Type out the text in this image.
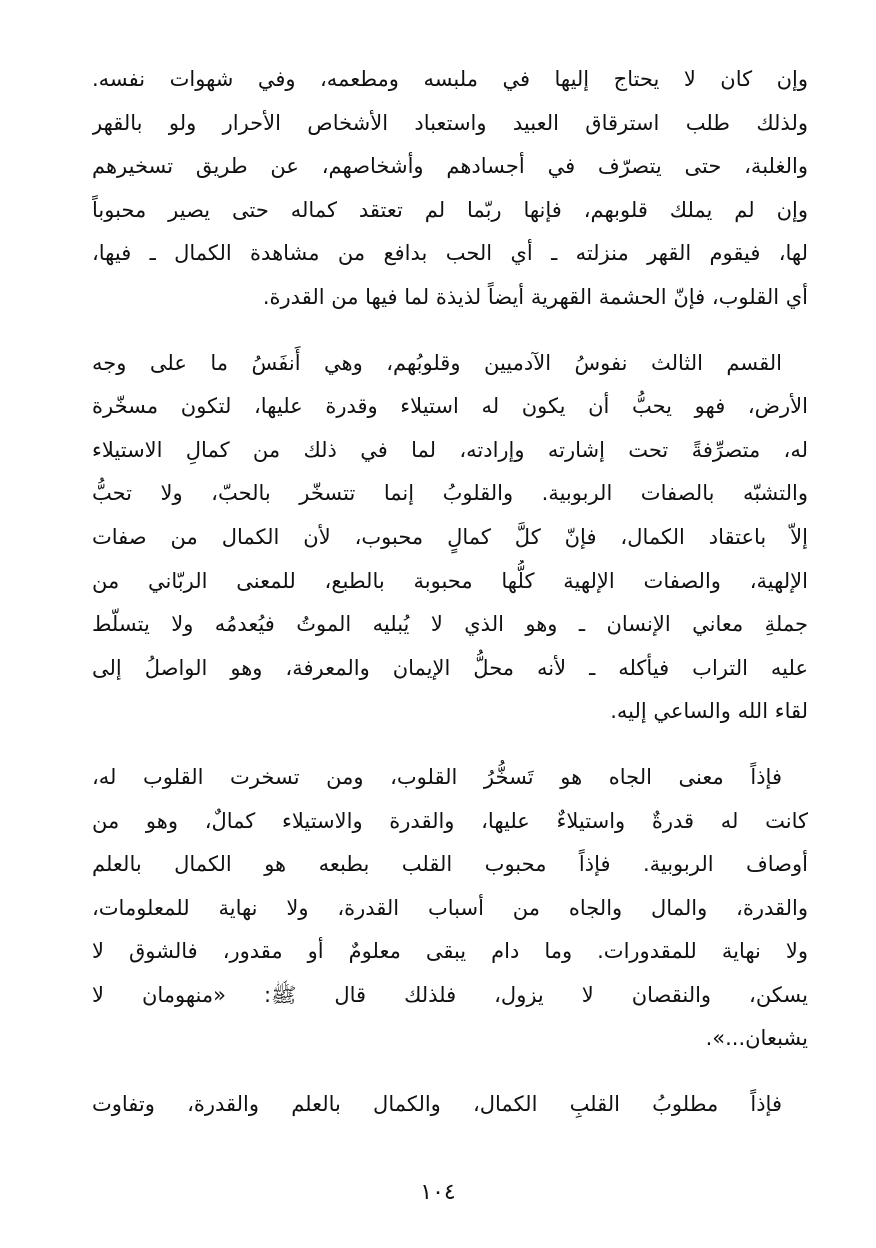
وإن كان لا يحتاج إليها في ملبسه ومطعمه، وفي شهوات نفسه.
ولذلك طلب استرقاق العبيد واستعباد الأشخاص الأحرار ولو بالقهر
والغلبة، حتى يتصرّف في أجسادهم وأشخاصهم، عن طريق تسخيرهم
وإن لم يملك قلوبهم، فإنها ربّما لم تعتقد كماله حتى يصير محبوباً
لها، فيقوم القهر منزلته ـ أي الحب بدافع من مشاهدة الكمال ـ فيها،
أي القلوب، فإنّ الحشمة القهرية أيضاً لذيذة لما فيها من القدرة.
القسم الثالث نفوسُ الآدميين وقلوبُهم، وهي أَنفَسُ ما على وجه
الأرض، فهو يحبُّ أن يكون له استيلاء وقدرة عليها، لتكون مسخّرة
له، متصرِّفةً تحت إشارته وإرادته، لما في ذلك من كمالِ الاستيلاء
والتشبّه بالصفات الربوبية. والقلوبُ إنما تتسخّر بالحبّ، ولا تحبُّ
إلاّ باعتقاد الكمال، فإنّ كلَّ كمالٍ محبوب، لأن الكمال من صفات
الإلهية، والصفات الإلهية كلُّها محبوبة بالطبع، للمعنى الربّاني من
جملةِ معاني الإنسان ـ وهو الذي لا يُبليه الموتُ فيُعدمُه ولا يتسلّط
عليه التراب فيأكله ـ لأنه محلُّ الإيمان والمعرفة، وهو الواصلُ إلى
لقاء الله والساعي إليه.
فإذاً معنى الجاه هو تَسخُّرُ القلوب، ومن تسخرت القلوب له،
كانت له قدرةٌ واستيلاءٌ عليها، والقدرة والاستيلاء كمالٌ، وهو من
أوصاف الربوبية. فإذاً محبوب القلب بطبعه هو الكمال بالعلم
والقدرة، والمال والجاه من أسباب القدرة، ولا نهاية للمعلومات،
ولا نهاية للمقدورات. وما دام يبقى معلومٌ أو مقدور، فالشوق لا
يسكن، والنقصان لا يزول، فلذلك قال ﷺ: «منهومان لا
يشبعان...».
فإذاً مطلوبُ القلبِ الكمال، والكمال بالعلم والقدرة، وتفاوت
١٠٤
